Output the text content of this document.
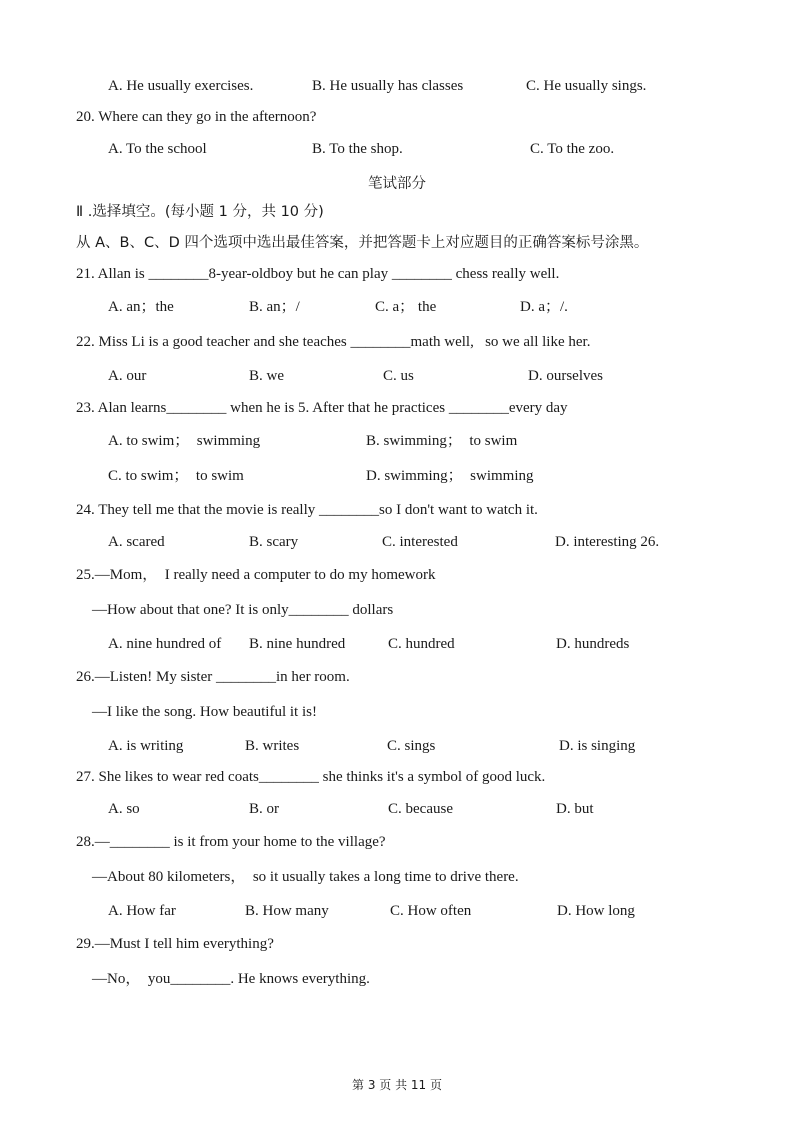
A. He usually exercises.	B. He usually has classes	C. He usually sings.
20. Where can they go in the afternoon?
A. To the school	B. To the shop.	C. To the zoo.
笔试部分
Ⅱ .选择填空。(每小题 1 分，共 10 分)
从 A、B、C、D 四个选项中选出最佳答案，并把答题卡上对应题目的正确答案标号涂黑。
21. Allan is ________8-year-oldboy but he can play ________ chess really well.
A. an；the	B. an；/	C. a； the	D. a；/.
22. Miss Li is a good teacher and she teaches ________math well,   so we all like her.
A. our	B. we	C. us	D. ourselves
23. Alan learns________ when he is 5. After that he practices ________every day
A. to swim；  swimming	B. swimming；  to swim
C. to swim；  to swim	D. swimming；  swimming
24. They tell me that the movie is really ________so I don't want to watch it.
A. scared	B. scary	C. interested	D. interesting 26.
25.—Mom，  I really need a computer to do my homework
—How about that one? It is only________ dollars
A. nine hundred of B. nine hundred	C. hundred	D. hundreds
26.—Listen! My sister ________in her room.
—I like the song. How beautiful it is!
A. is writing	B. writes	C. sings	D. is singing
27. She likes to wear red coats________ she thinks it's a symbol of good luck.
A. so	B. or	C. because	D. but
28.—________ is it from your home to the village?
—About 80 kilometers，  so it usually takes a long time to drive there.
A. How far	B. How many	C. How often	D. How long
29.—Must I tell him everything?
—No，  you________. He knows everything.
第 3 页 共 11 页
